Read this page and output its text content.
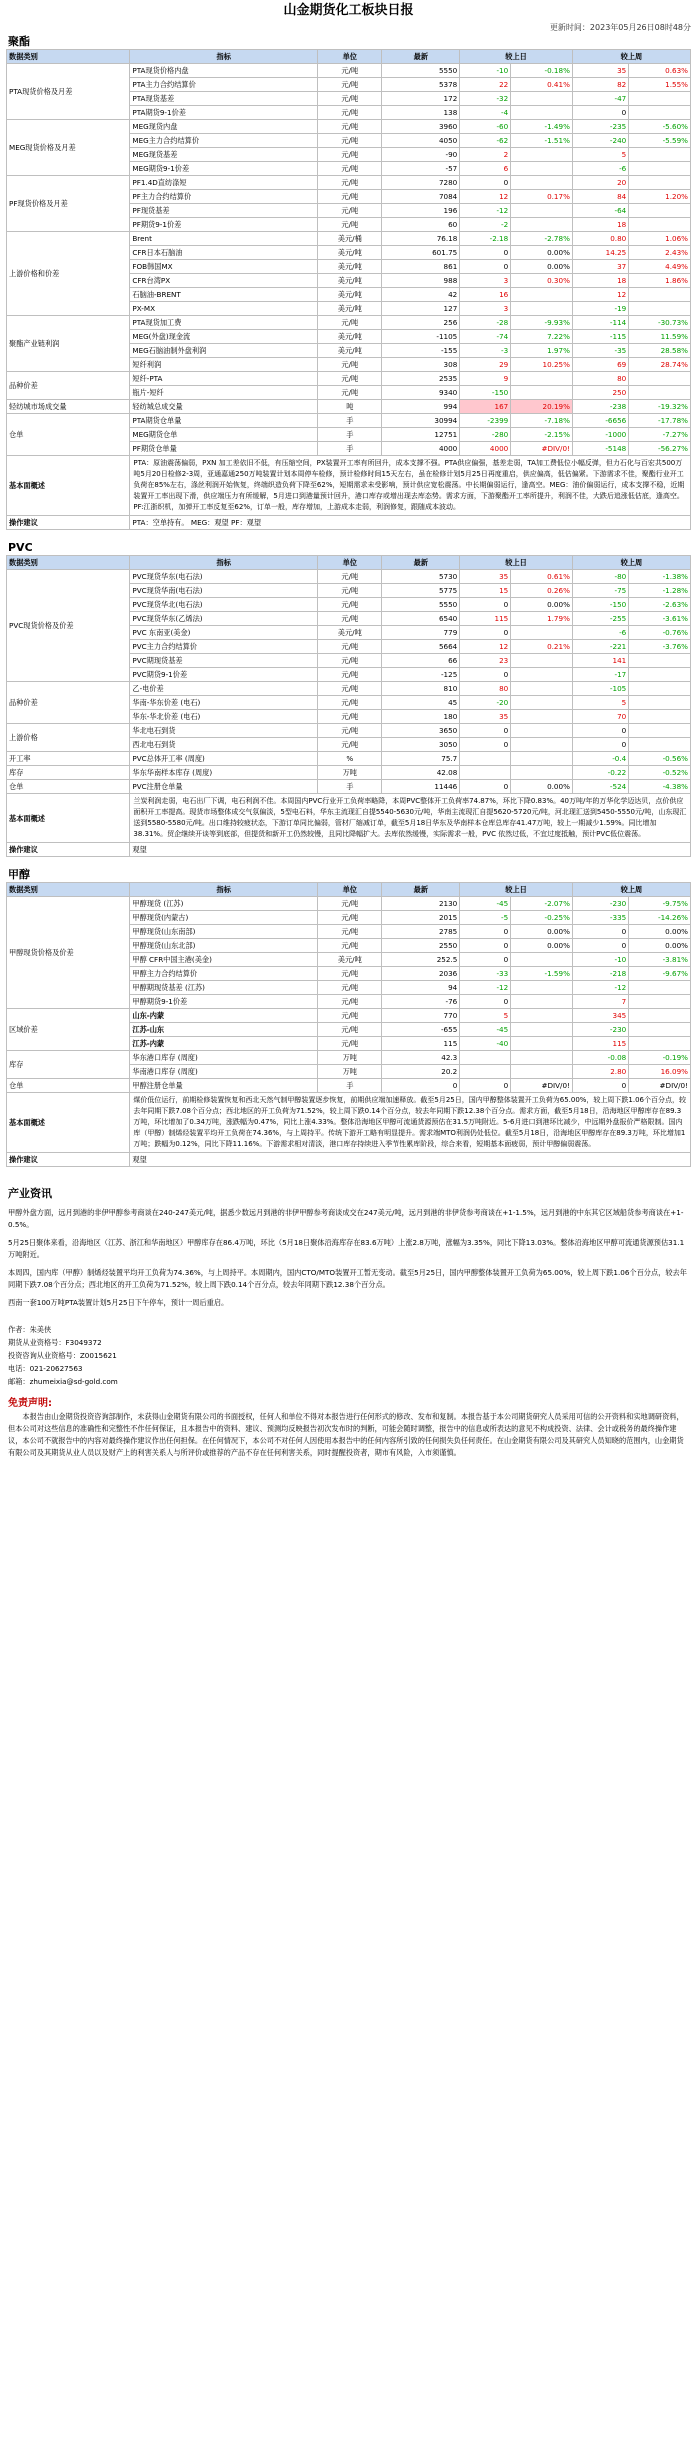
山金期货化工板块日报
更新时间：2023年05月26日08时48分
聚酯
数据类别	指标	单位	最新	较上日		较上周	
PTA现货价格及月差	PTA现货价格内盘	元/吨	5550	-10	-0.18%	35	0.63%
	PTA主力合约结算价	元/吨	5378	22	0.41%	82	1.55%
	PTA现货基差	元/吨	172	-32		-47	
	PTA期货9-1价差	元/吨	138	-4		0	
MEG现货价格及月差	MEG现货内盘	元/吨	3960	-60	-1.49%	-235	-5.60%
	MEG主力合约结算价	元/吨	4050	-62	-1.51%	-240	-5.59%
	MEG现货基差	元/吨	-90	2		5	
	MEG期货9-1价差	元/吨	-57	6		-6	
PF现货价格及月差	PF1.4D直纺涤短	元/吨	7280	0		20	
	PF主力合约结算价	元/吨	7084	12	0.17%	84	1.20%
	PF现货基差	元/吨	196	-12		-64	
	PF期货9-1价差	元/吨	60	-2		18	
上游价格和价差	Brent	美元/桶	76.18	-2.18	-2.78%	0.80	1.06%
	CFR日本石脑油	美元/吨	601.75	0	0.00%	14.25	2.43%
	FOB韩国MX	美元/吨	861	0	0.00%	37	4.49%
	CFR台湾PX	美元/吨	988	3	0.30%	18	1.86%
	石脑油-BRENT	美元/吨	42	16		12	
	PX-MX	美元/吨	127	3		-19	
聚酯产业链利润	PTA现货加工费	元/吨	256	-28	-9.93%	-114	-30.73%
	MEG(外盘)现金流	美元/吨	-1105	-74	7.22%	-115	11.59%
	MEG石脑油制外盘利润	美元/吨	-155	-3	1.97%	-35	28.58%
	短纤利润	元/吨	308	29	10.25%	69	28.74%
品种价差	短纤-PTA	元/吨	2535	9		80	
	瓶片-短纤	元/吨	9340	-150		250	
轻纺城市场成交量	轻纺城总成交量	吨	994	167	20.19%	-238	-19.32%
仓单	PTA期货仓单量	手	30994	-2399	-7.18%	-6656	-17.78%
	MEG期货仓单	手	12751	-280	-2.15%	-1000	-7.27%
	PF期货仓单量	手	4000	4000	#DIV/0!	-5148	-56.27%
基本面概述	PTA：原油震荡偏弱，PXN 加工差依旧不低，有压缩空间，PX装置开工率有所回升，成本支撑不强。PTA供应偏强，基差走弱，TA加工费低位小幅反弹，但力石化与百宏共500万吨5月20日检修2-3周，亚通嘉通250万吨装置计划本周停车检修，预计检修时间15天左右，虽在检修计划5月25日再度重启，供应偏高，低估偏紧。下游需求不佳，聚酯行业开工负荷在85%左右，涤丝利润开始恢复，终端织造负荷下降至62%，短期需求未受影响，预计供应宽松震荡。中长期偏弱运行，逢高空。MEG：油价偏弱运行，成本支撑不稳，近期装置开工率出现下滑，供应端压力有所缓解，5月进口到港量预计回升，港口库存或增出现去库态势。需求方面，下游聚酯开工率所提升，利润不佳，大跌后追涨低估底，逢高空。PF:江浙织机，加弹开工率反复至62%，订单一般，库存增加，上游成本走弱，利润修复，跟随成本波动。						
操作建议	PTA：空单持有。 MEG：观望 PF：观望						
PVC
数据类别	指标	单位	最新	较上日		较上周	
PVC现货价格及价差	PVC现货华东(电石法)	元/吨	5730	35	0.61%	-80	-1.38%
	PVC现货华南(电石法)	元/吨	5775	15	0.26%	-75	-1.28%
	PVC现货华北(电石法)	元/吨	5550	0	0.00%	-150	-2.63%
	PVC现货华东(乙烯法)	元/吨	6540	115	1.79%	-255	-3.61%
	PVC 东南亚(美金)	美元/吨	779	0		-6	-0.76%
	PVC主力合约结算价	元/吨	5664	12	0.21%	-221	-3.76%
	PVC期现货基差	元/吨	66	23		141	
	PVC期货9-1价差	元/吨	-125	0		-17	
品种价差	乙-电价差	元/吨	810	80		-105	
	华南-华东价差 (电石)	元/吨	45	-20		5	
	华东-华北价差 (电石)	元/吨	180	35		70	
上游价格	华北电石到货	元/吨	3650	0		0	
	西北电石到货	元/吨	3050	0		0	
开工率	PVC总体开工率 (周度)	%	75.7			-0.4	-0.56%
库存	华东华南样本库存 (周度)	万吨	42.08			-0.22	-0.52%
仓单	PVC注册仓单量	手	11446	0	0.00%	-524	-4.38%
基本面概述	兰炭利润走弱，电石出厂下调，电石利润不佳。本周国内PVC行业开工负荷率略降，本周PVC整体开工负荷率74.87%，环比下降0.83%。40万吨/年的万华化学迈达贝，点价供应面积开工率提高。现货市场整体成交气氛偏淡，5型电石料，华东主流现汇自提5540-5630元/吨，华南主流现汇自提5620-5720元/吨，河北现汇送到5450-5550元/吨，山东现汇送到5580-5580元/吨。出口维持较疲状态，下游订单同比偏弱，管材厂缩减订单，截至5月18日华东及华南样本仓库总库存41.47万吨，较上一期减少1.59%。同比增加38.31%。贸企继续开谈等到底部，但提货和新开工仍然较慢，且同比降幅扩大。去库依然缓慢，实际需求一般，PVC 依然过低，不宜过度抵触，预计PVC低位震荡。						
操作建议	观望						
甲醇
数据类别	指标	单位	最新	较上日		较上周	
甲醇现货价格及价差	甲醇现货 (江苏)	元/吨	2130	-45	-2.07%	-230	-9.75%
	甲醇现货(内蒙古)	元/吨	2015	-5	-0.25%	-335	-14.26%
	甲醇现货(山东南部)	元/吨	2785	0	0.00%	0	0.00%
	甲醇现货(山东北部)	元/吨	2550	0	0.00%	0	0.00%
	甲醇 CFR中国主港(美金)	美元/吨	252.5	0		-10	-3.81%
	甲醇主力合约结算价	元/吨	2036	-33	-1.59%	-218	-9.67%
	甲醇期现货基差 (江苏)	元/吨	94	-12		-12	
	甲醇期货9-1价差	元/吨	-76	0		7	
区域价差	山东-内蒙	元/吨	770	5		345	
	江苏-山东	元/吨	-655	-45		-230	
	江苏-内蒙	元/吨	115	-40		115	
库存	华东港口库存 (周度)	万吨	42.3			-0.08	-0.19%
	华南港口库存 (周度)	万吨	20.2			2.80	16.09%
仓单	甲醇注册仓单量	手	0	0	#DIV/0!	0	#DIV/0!
基本面概述	煤价低位运行，前期检修装置恢复和西北天然气制甲醇装置逐步恢复，前期供应端加速释放。截至5月25日，国内甲醇整体装置开工负荷为65.00%，较上周下跌1.06个百分点，较去年同期下跌7.08个百分点；西北地区的开工负荷为71.52%，较上周下跌0.14个百分点，较去年同期下跌12.38个百分点。需求方面，截至5月18日，沿海地区甲醇库存在89.3万吨，环比增加了0.34万吨，涨跌幅为0.47%，同比上涨4.33%。整体沿海地区甲醇可流通货源预估在31.5万吨附近。5-6月进口到港环比减少，中远期外盘报价严格限制。国内库（甲醇）制烯烃装置平均开工负荷在74.36%，与上周持平。传统下游开工略有明显提升。需求端MTO利润仍处低位。截至5月18日，沿海地区甲醇库存在89.3万吨，环比增加1万吨；跌幅为0.12%，同比下降11.16%。下游需求相对清淡，港口库存持续进入季节性累库阶段，综合来看，短期基本面疲弱，预计甲醇偏弱震荡。						
操作建议	观望						
产业资讯
甲醇外盘方面，远月到港的非伊甲醇参考商谈在240-247美元/吨，据悉少数远月到港的非伊甲醇参考商谈成交在247美元/吨，远月到港的非伊货参考商谈在+1-1.5%，远月到港的中东其它区域船货参考商谈在+1-0.5%。
5月25日聚体来看，沿海地区（江苏、浙江和华南地区）甲醇库存在86.4万吨，环比（5月18日聚体沿海库存在83.6万吨）上涨2.8万吨，涨幅为3.35%，同比下降13.03%。整体沿海地区甲醇可流通货源预估31.1万吨附近。
本周四，国内库（甲醇）制烯烃装置平均开工负荷为74.36%，与上周持平。本周期内，国内CTO/MTO装置开工暂无变动。截至5月25日，国内甲醇整体装置开工负荷为65.00%，较上周下跌1.06个百分点，较去年同期下跌7.08个百分点；西北地区的开工负荷为71.52%，较上周下跌0.14个百分点，较去年同期下跌12.38个百分点。
西南一套100万吨PTA装置计划5月25日下午停车，预计一周后重启。
作者：朱美侠
期货从业资格号：F3049372
投资咨询从业资格号：Z0015621
电话：021-20627563
邮箱：zhumeixia@sd-gold.com
免责声明:
本报告由山金期货投资咨询部制作，未获得山金期货有限公司的书面授权，任何人和单位不得对本报告进行任何形式的修改、发布和复制。本报告基于本公司期货研究人员采用可信的公开资料和实地调研资料，但本公司对这些信息的准确性和完整性不作任何保证，且本报告中的资料、建议、预测均反映报告初次发布时的判断，可能会随时调整，报告中的信息或所表达的意见不构成投资、法律、会计或税务的最终操作建议，本公司不就报告中的内容对最终操作建议作出任何担保。在任何情况下，本公司不对任何人因使用本报告中的任何内容所引致的任何损失负任何责任。在山金期货有限公司及其研究人员知晓的范围内，山金期货有限公司及其期货从业人员以及财产上的利害关系人与所评价或推荐的产品不存在任何利害关系，同时提醒投资者，期市有风险，入市须谨慎。
